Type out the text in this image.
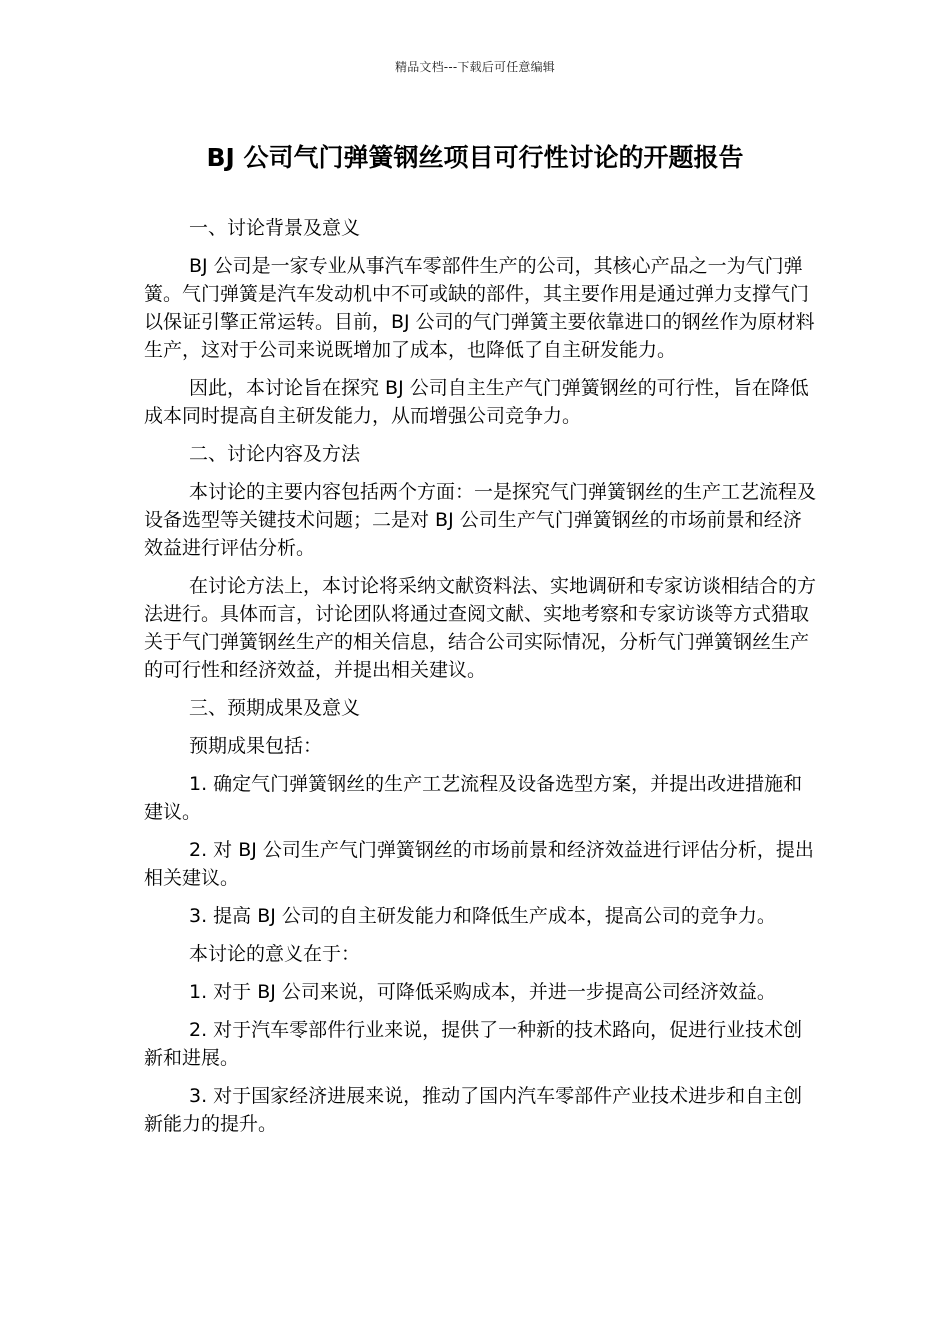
精品文档---下载后可任意编辑
BJ 公司气门弹簧钢丝项目可行性讨论的开题报告

一、讨论背景及意义

BJ 公司是一家专业从事汽车零部件生产的公司，其核心产品之一为气门弹簧。气门弹簧是汽车发动机中不可或缺的部件，其主要作用是通过弹力支撑气门以保证引擎正常运转。目前，BJ 公司的气门弹簧主要依靠进口的钢丝作为原材料生产，这对于公司来说既增加了成本，也降低了自主研发能力。

因此，本讨论旨在探究 BJ 公司自主生产气门弹簧钢丝的可行性，旨在降低成本同时提高自主研发能力，从而增强公司竞争力。

二、讨论内容及方法

本讨论的主要内容包括两个方面：一是探究气门弹簧钢丝的生产工艺流程及设备选型等关键技术问题；二是对 BJ 公司生产气门弹簧钢丝的市场前景和经济效益进行评估分析。

在讨论方法上，本讨论将采纳文献资料法、实地调研和专家访谈相结合的方法进行。具体而言，讨论团队将通过查阅文献、实地考察和专家访谈等方式猎取关于气门弹簧钢丝生产的相关信息，结合公司实际情况，分析气门弹簧钢丝生产的可行性和经济效益，并提出相关建议。

三、预期成果及意义

预期成果包括：

1. 确定气门弹簧钢丝的生产工艺流程及设备选型方案，并提出改进措施和建议。

2. 对 BJ 公司生产气门弹簧钢丝的市场前景和经济效益进行评估分析，提出相关建议。

3. 提高 BJ 公司的自主研发能力和降低生产成本，提高公司的竞争力。

本讨论的意义在于：

1. 对于 BJ 公司来说，可降低采购成本，并进一步提高公司经济效益。

2. 对于汽车零部件行业来说，提供了一种新的技术路向，促进行业技术创新和进展。

3. 对于国家经济进展来说，推动了国内汽车零部件产业技术进步和自主创新能力的提升。
